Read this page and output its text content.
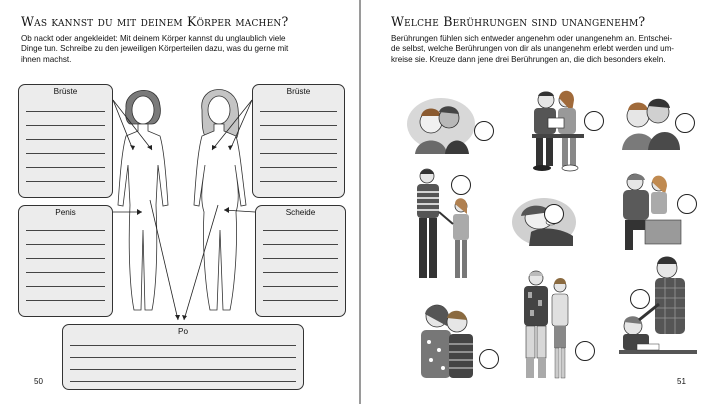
Was kannst du mit deinem Körper machen?
Ob nackt oder angekleidet: Mit deinem Körper kannst du unglaublich viele
Dinge tun. Schreibe zu den jeweiligen Körperteilen dazu, was du gerne mit
ihnen machst.
Brüste	Brüste
Penis	Scheide
Po
50
Welche Berührungen sind unangenehm?
Berührungen fühlen sich entweder angenehm oder unangenehm an. Entschei-
de selbst, welche Berührungen von dir als unangenehm erlebt werden und um-
kreise sie. Kreuze dann jene drei Berührungen an, die dich besonders ekeln.
51
